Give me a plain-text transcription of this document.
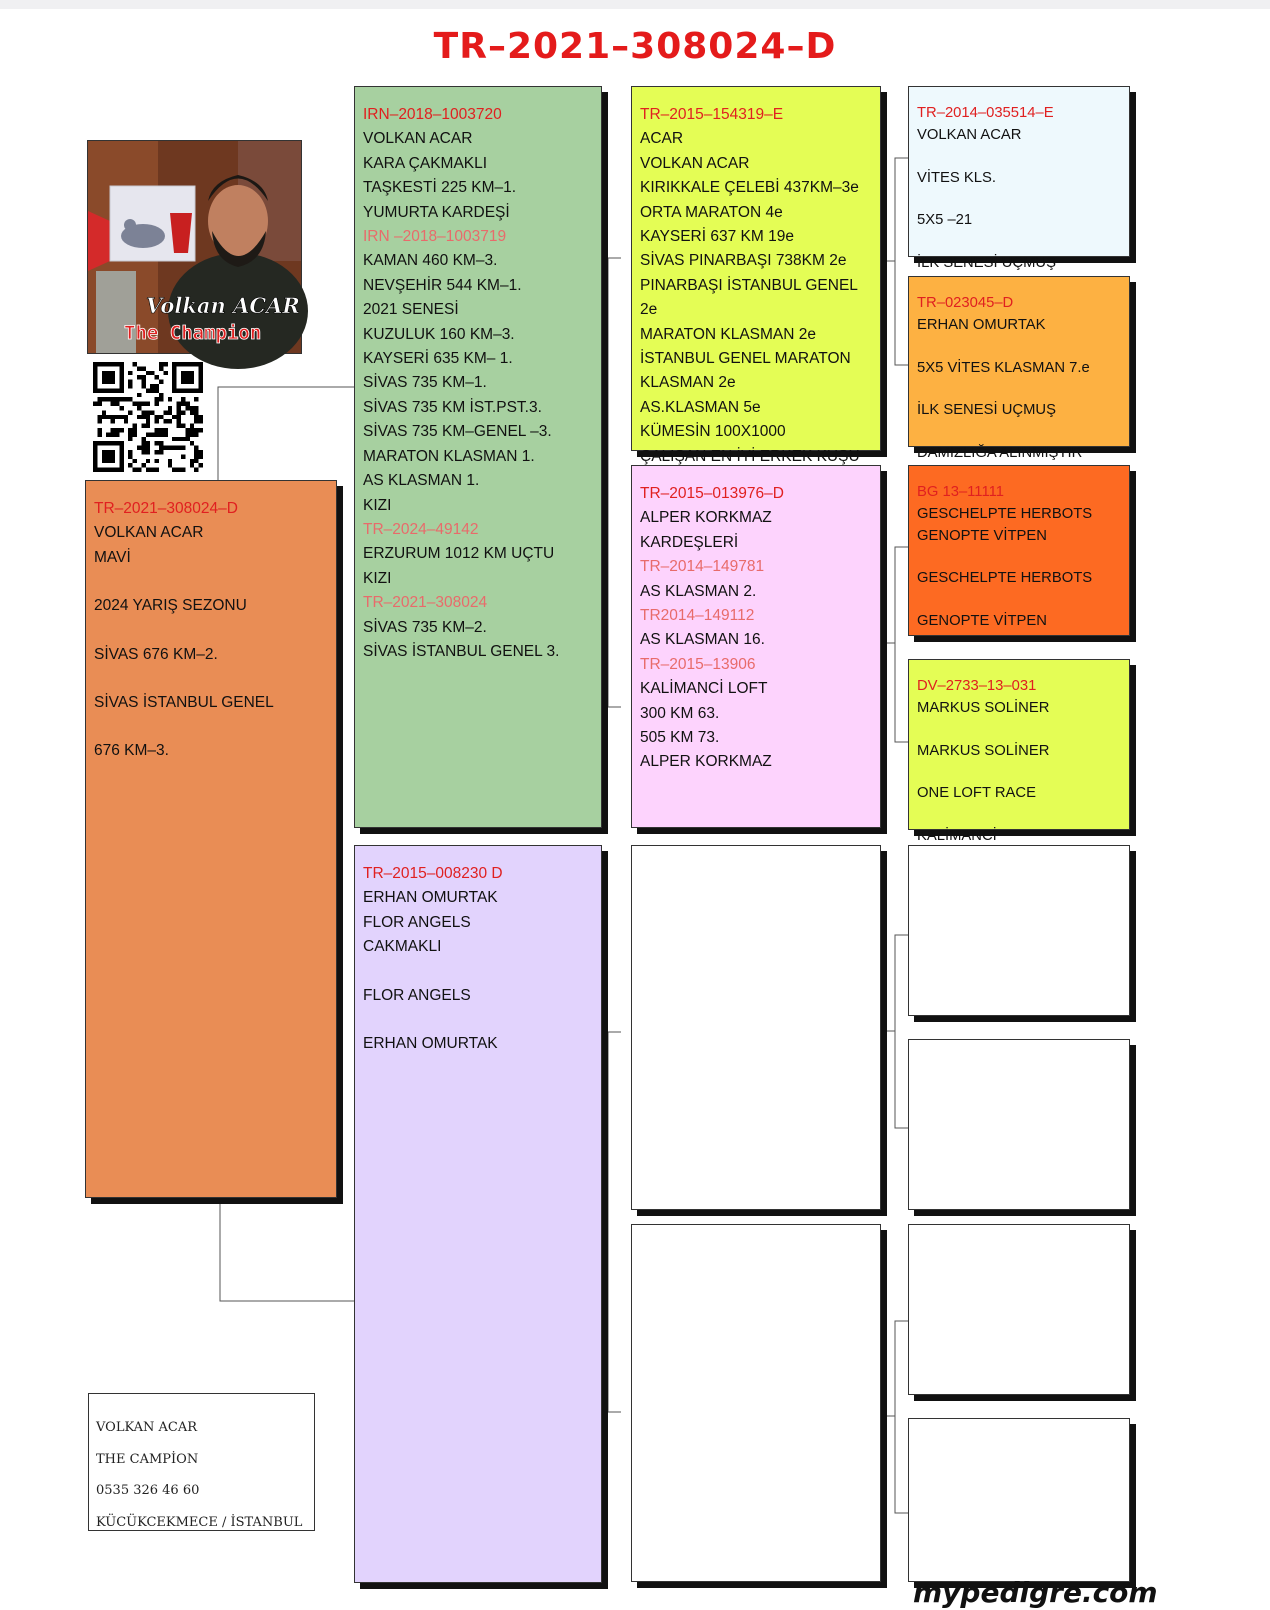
TR–2021–308024–D
Volkan ACAR
The Champion
TR–2021–308024–D
VOLKAN ACAR
MAVİ
2024 YARIŞ SEZONU
SİVAS 676 KM–2.
SİVAS İSTANBUL GENEL
676 KM–3.
IRN–2018–1003720
VOLKAN ACAR
KARA ÇAKMAKLI
TAŞKESTİ 225 KM–1.
YUMURTA KARDEŞİ
IRN –2018–1003719
KAMAN 460 KM–3.
NEVŞEHİR 544 KM–1.
2021 SENESİ
KUZULUK 160 KM–3.
KAYSERİ 635 KM– 1.
SİVAS 735 KM–1.
SİVAS 735 KM İST.PST.3.
SİVAS 735 KM–GENEL –3.
MARATON KLASMAN 1.
AS KLASMAN 1.
KIZI
TR–2024–49142
ERZURUM 1012 KM UÇTU
KIZI
TR–2021–308024
SİVAS 735 KM–2.
SİVAS İSTANBUL GENEL 3.
TR–2015–008230 D
ERHAN OMURTAK
FLOR ANGELS
CAKMAKLI
FLOR ANGELS
ERHAN OMURTAK
TR–2015–154319–E
ACAR
VOLKAN ACAR
KIRIKKALE ÇELEBİ 437KM–3e
ORTA MARATON 4e
KAYSERİ 637 KM 19e
SİVAS PINARBAŞI 738KM 2e
PINARBAŞI İSTANBUL GENEL
2e
MARATON KLASMAN 2e
İSTANBUL GENEL MARATON
KLASMAN 2e
AS.KLASMAN 5e
KÜMESİN 100X1000
ÇALIŞAN EN İYİ ERKEK KUŞU
TR–2015–013976–D
ALPER KORKMAZ
KARDEŞLERİ
TR–2014–149781
AS KLASMAN 2.
TR2014–149112
AS KLASMAN 16.
TR–2015–13906
KALİMANCİ LOFT
300 KM 63.
505 KM 73.
ALPER KORKMAZ
TR–2014–035514–E
VOLKAN ACAR
VİTES KLS.
5X5 –21
İLK SENESİ UÇMUŞ
TR–023045–D
ERHAN OMURTAK
5X5 VİTES KLASMAN 7.e
İLK SENESİ UÇMUŞ
DAMIZLIĞA ALINMIŞTIR
BG 13–11111
GESCHELPTE HERBOTS
GENOPTE VİTPEN
GESCHELPTE HERBOTS
GENOPTE VİTPEN
DV–2733–13–031
MARKUS SOLİNER
MARKUS SOLİNER
ONE LOFT RACE
KALİMANCİ
VOLKAN ACAR
THE CAMPİON
0535 326 46 60
KÜCÜKCEKMECE / İSTANBUL
mypedigre.com
